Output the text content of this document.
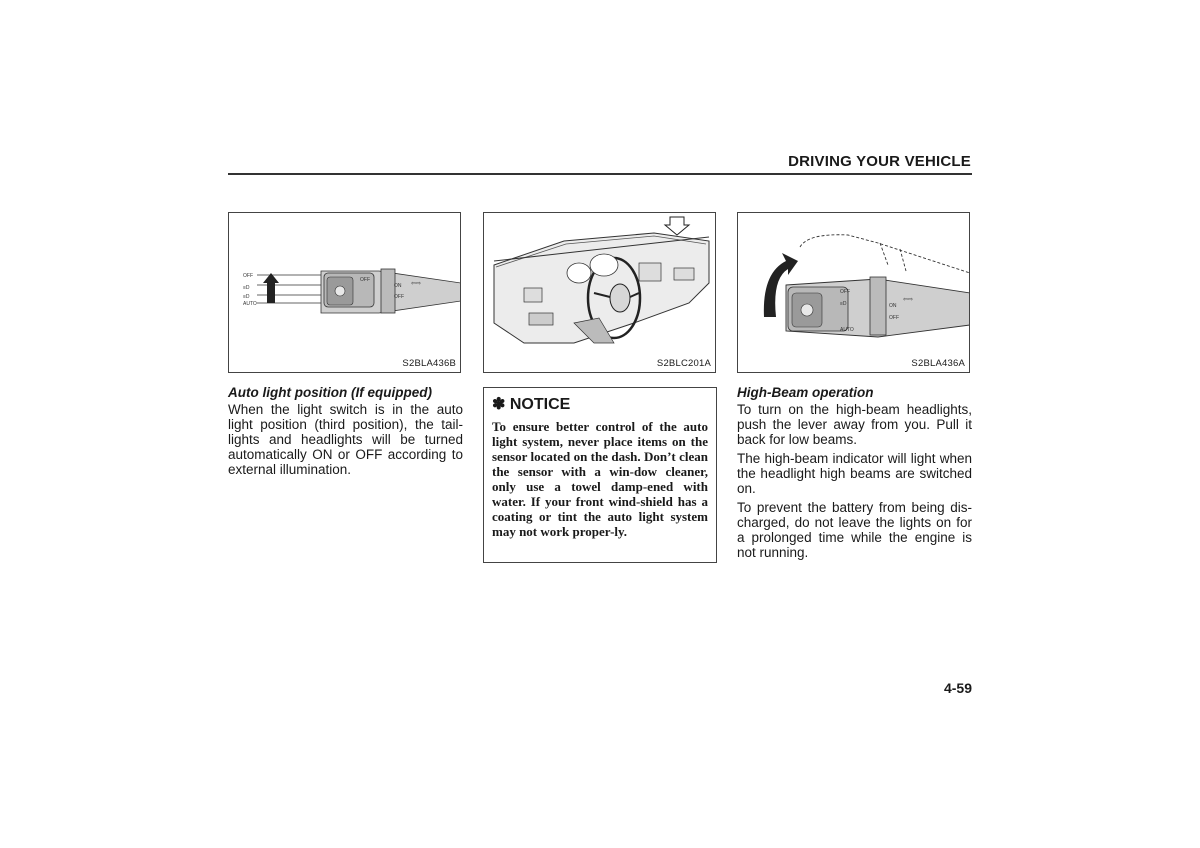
DRIVING YOUR VEHICLE
OFF
≡D
≡D
AUTO
OFF
ON
OFF
⇦⇨
S2BLA436B	S2BLC201A
OFF
≡D
AUTO
ON
OFF
⇦⇨
S2BLA436A
Auto light position (If equipped)

When the light switch is in the auto light position (third position), the tail-lights and headlights will be turned automatically ON or OFF according to external illumination.

✽ NOTICE

To ensure better control of the auto light system, never place items on the sensor located on the dash. Don’t clean the sensor with a win-dow cleaner, only use a towel damp-ened with water. If your front wind-shield has a coating or tint the auto light system may not work proper-ly.

High-Beam operation

To turn on the high-beam headlights, push the lever away from you. Pull it back for low beams.

The high-beam indicator will light when the headlight high beams are switched on.

To prevent the battery from being dis-charged, do not leave the lights on for a prolonged time while the engine is not running.

4-59
